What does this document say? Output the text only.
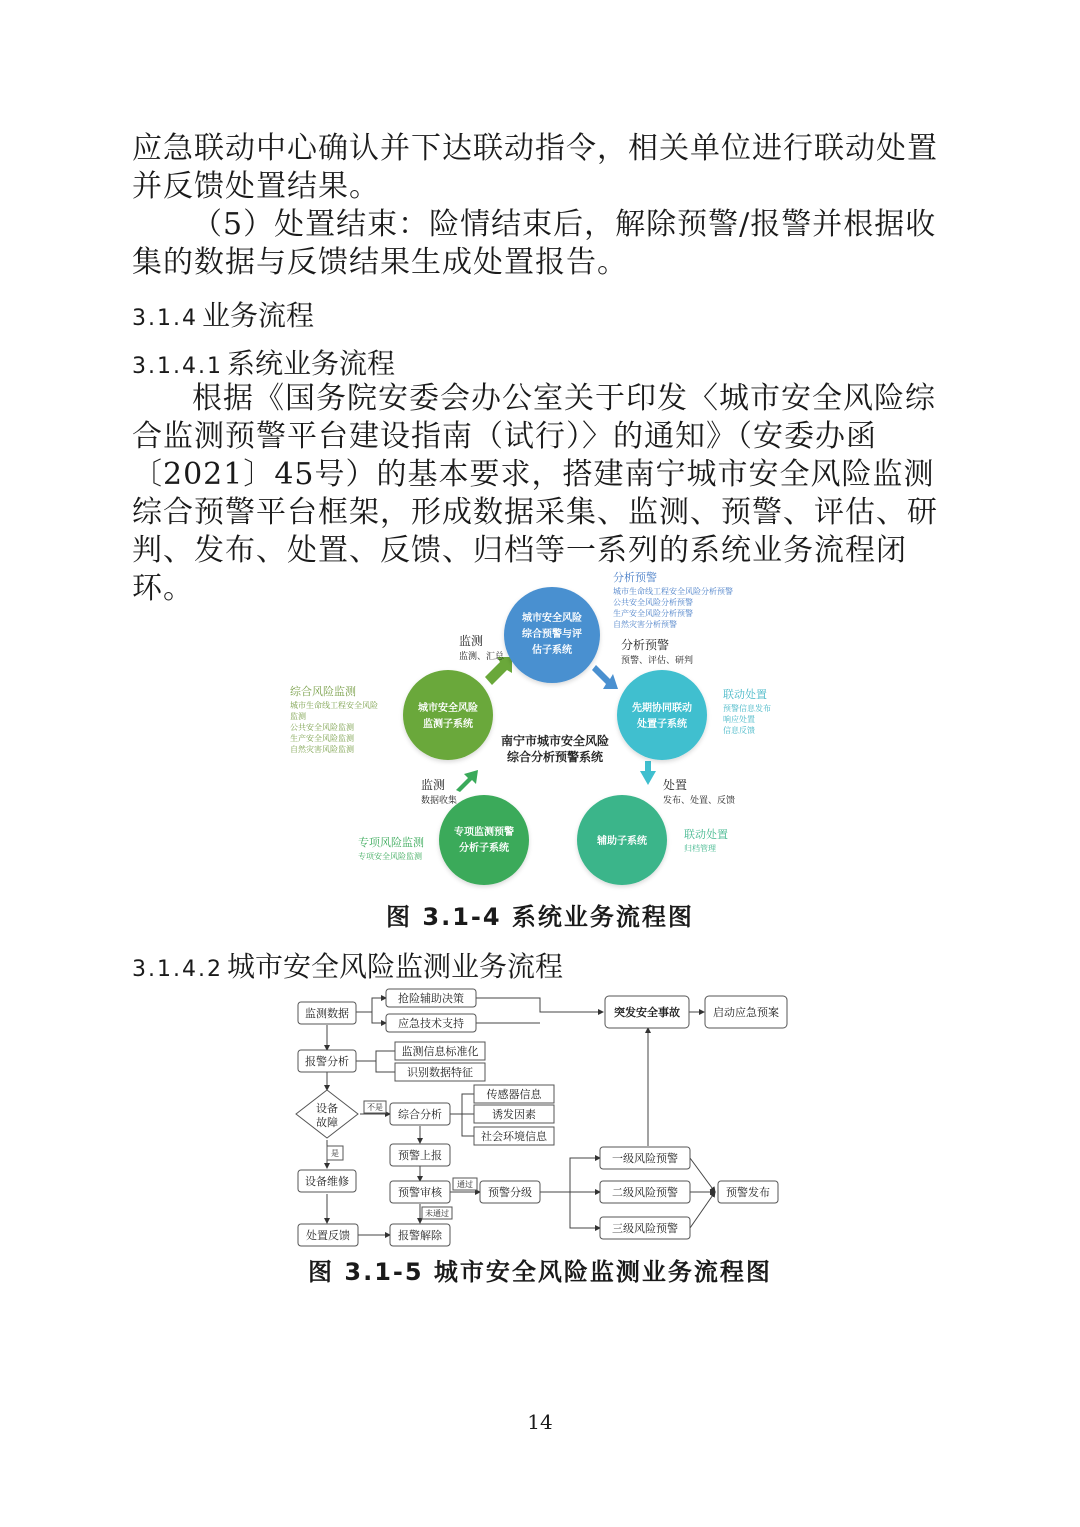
应急联动中心确认并下达联动指令，相关单位进行联动处置并反馈处置结果。
（5）处置结束：险情结束后，解除预警/报警并根据收集的数据与反馈结果生成处置报告。
3.1.4 业务流程
3.1.4.1 系统业务流程
根据《国务院安委会办公室关于印发〈城市安全风险综合监测预警平台建设指南（试行）〉的通知》（安委办函〔2021〕45号）的基本要求，搭建南宁城市安全风险监测综合预警平台框架，形成数据采集、监测、预警、评估、研判、发布、处置、反馈、归档等一系列的系统业务流程闭环。
城市安全风险
综合预警与评
估子系统
城市安全风险
监测子系统
先期协同联动
处置子系统
专项监测预警
分析子系统
辅助子系统
南宁市城市安全风险
综合分析预警系统
监测
监测、汇总
分析预警
预警、评估、研判
监测
数据收集
处置
发布、处置、反馈
分析预警
城市生命线工程安全风险分析预警
公共安全风险分析预警
生产安全风险分析预警
自然灾害分析预警
综合风险监测
城市生命线工程安全风险
监测
公共安全风险监测
生产安全风险监测
自然灾害风险监测
联动处置
预警信息发布
响应处置
信息反馈
专项风险监测
专项安全风险监测
联动处置
归档管理
图 3.1-4 系统业务流程图
3.1.4.2 城市安全风险监测业务流程
监测数据
抢险辅助决策
应急技术支持
突发安全事故	启动应急预案
报警分析
监测信息标准化
识别数据特征
设备
故障
综合分析
传感器信息
诱发因素
社会环境信息
预警上报
设备维修
预警审核	预警分级
一级风险预警
二级风险预警
三级风险预警
预警发布
处置反馈	报警解除
不是
是
通过
未通过
图 3.1-5 城市安全风险监测业务流程图
14
